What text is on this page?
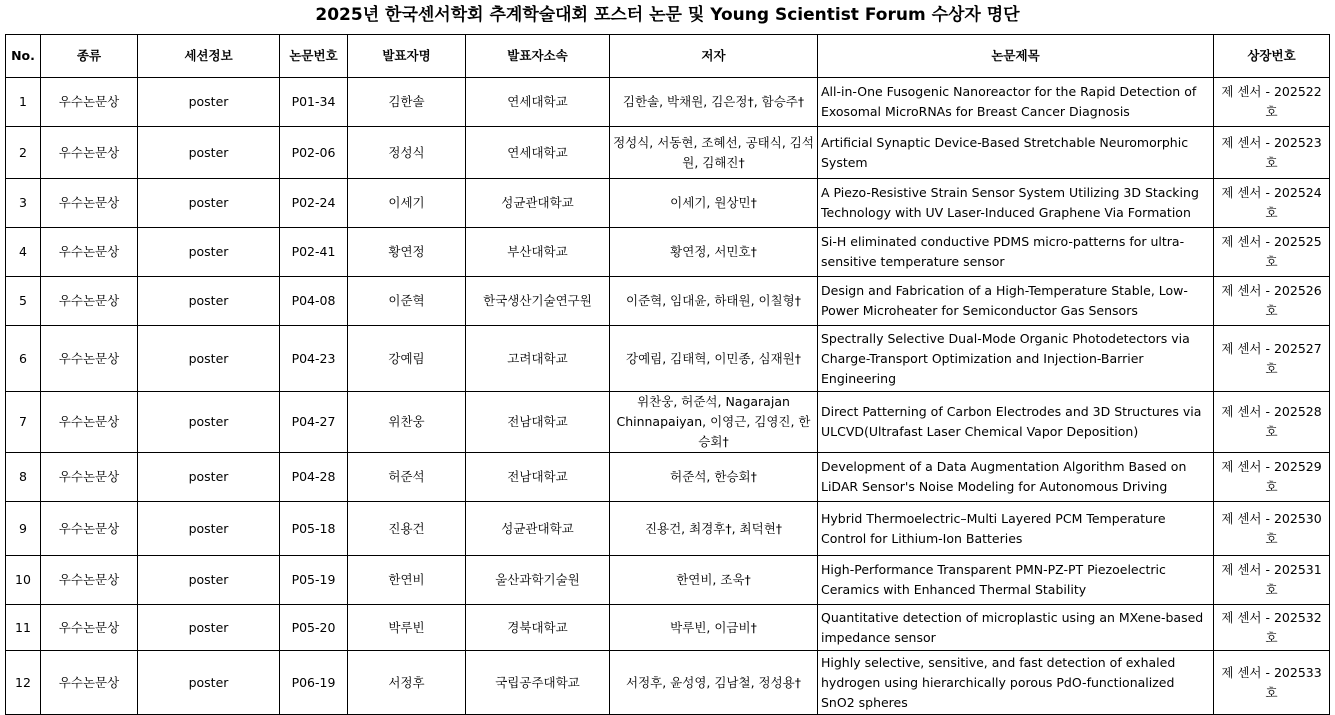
2025년 한국센서학회 추계학술대회 포스터 논문 및 Young Scientist Forum 수상자 명단
No.	종류	세션정보	논문번호	발표자명	발표자소속	저자	논문제목	상장번호
1	우수논문상	poster	P01-34	김한솔	연세대학교	김한솔, 박채원, 김은정†, 함승주†	All-in-One Fusogenic Nanoreactor for the Rapid Detection of Exosomal MicroRNAs for Breast Cancer Diagnosis	제 센서 - 202522 호
2	우수논문상	poster	P02-06	정성식	연세대학교	정성식, 서동현, 조혜선, 공태식, 김석원, 김해진†	Artificial Synaptic Device-Based Stretchable Neuromorphic System	제 센서 - 202523 호
3	우수논문상	poster	P02-24	이세기	성균관대학교	이세기, 원상민†	A Piezo-Resistive Strain Sensor System Utilizing 3D Stacking Technology with UV Laser-Induced Graphene Via Formation	제 센서 - 202524 호
4	우수논문상	poster	P02-41	황연정	부산대학교	황연정, 서민호†	Si-H eliminated conductive PDMS micro-patterns for ultra-sensitive temperature sensor	제 센서 - 202525 호
5	우수논문상	poster	P04-08	이준혁	한국생산기술연구원	이준혁, 임대윤, 하태원, 이칠형†	Design and Fabrication of a High-Temperature Stable, Low-Power Microheater for Semiconductor Gas Sensors	제 센서 - 202526 호
6	우수논문상	poster	P04-23	강예림	고려대학교	강예림, 김태혁, 이민종, 심재원†	Spectrally Selective Dual-Mode Organic Photodetectors via Charge-Transport Optimization and Injection-Barrier Engineering	제 센서 - 202527 호
7	우수논문상	poster	P04-27	위찬웅	전남대학교	위찬웅, 허준석, Nagarajan Chinnapaiyan, 이영근, 김영진, 한승회†	Direct Patterning of Carbon Electrodes and 3D Structures via ULCVD(Ultrafast Laser Chemical Vapor Deposition)	제 센서 - 202528 호
8	우수논문상	poster	P04-28	허준석	전남대학교	허준석, 한승회†	Development of a Data Augmentation Algorithm Based on LiDAR Sensor's Noise Modeling for Autonomous Driving	제 센서 - 202529 호
9	우수논문상	poster	P05-18	진용건	성균관대학교	진용건, 최경후†, 최덕현†	Hybrid Thermoelectric–Multi Layered PCM Temperature Control for Lithium-Ion Batteries	제 센서 - 202530 호
10	우수논문상	poster	P05-19	한연비	울산과학기술원	한연비, 조욱†	High-Performance Transparent PMN-PZ-PT Piezoelectric Ceramics with Enhanced Thermal Stability	제 센서 - 202531 호
11	우수논문상	poster	P05-20	박루빈	경북대학교	박루빈, 이금비†	Quantitative detection of microplastic using an MXene-based impedance sensor	제 센서 - 202532 호
12	우수논문상	poster	P06-19	서정후	국립공주대학교	서정후, 윤성영, 김남철, 정성용†	Highly selective, sensitive, and fast detection of exhaled hydrogen using hierarchically porous PdO-functionalized SnO2 spheres	제 센서 - 202533 호
